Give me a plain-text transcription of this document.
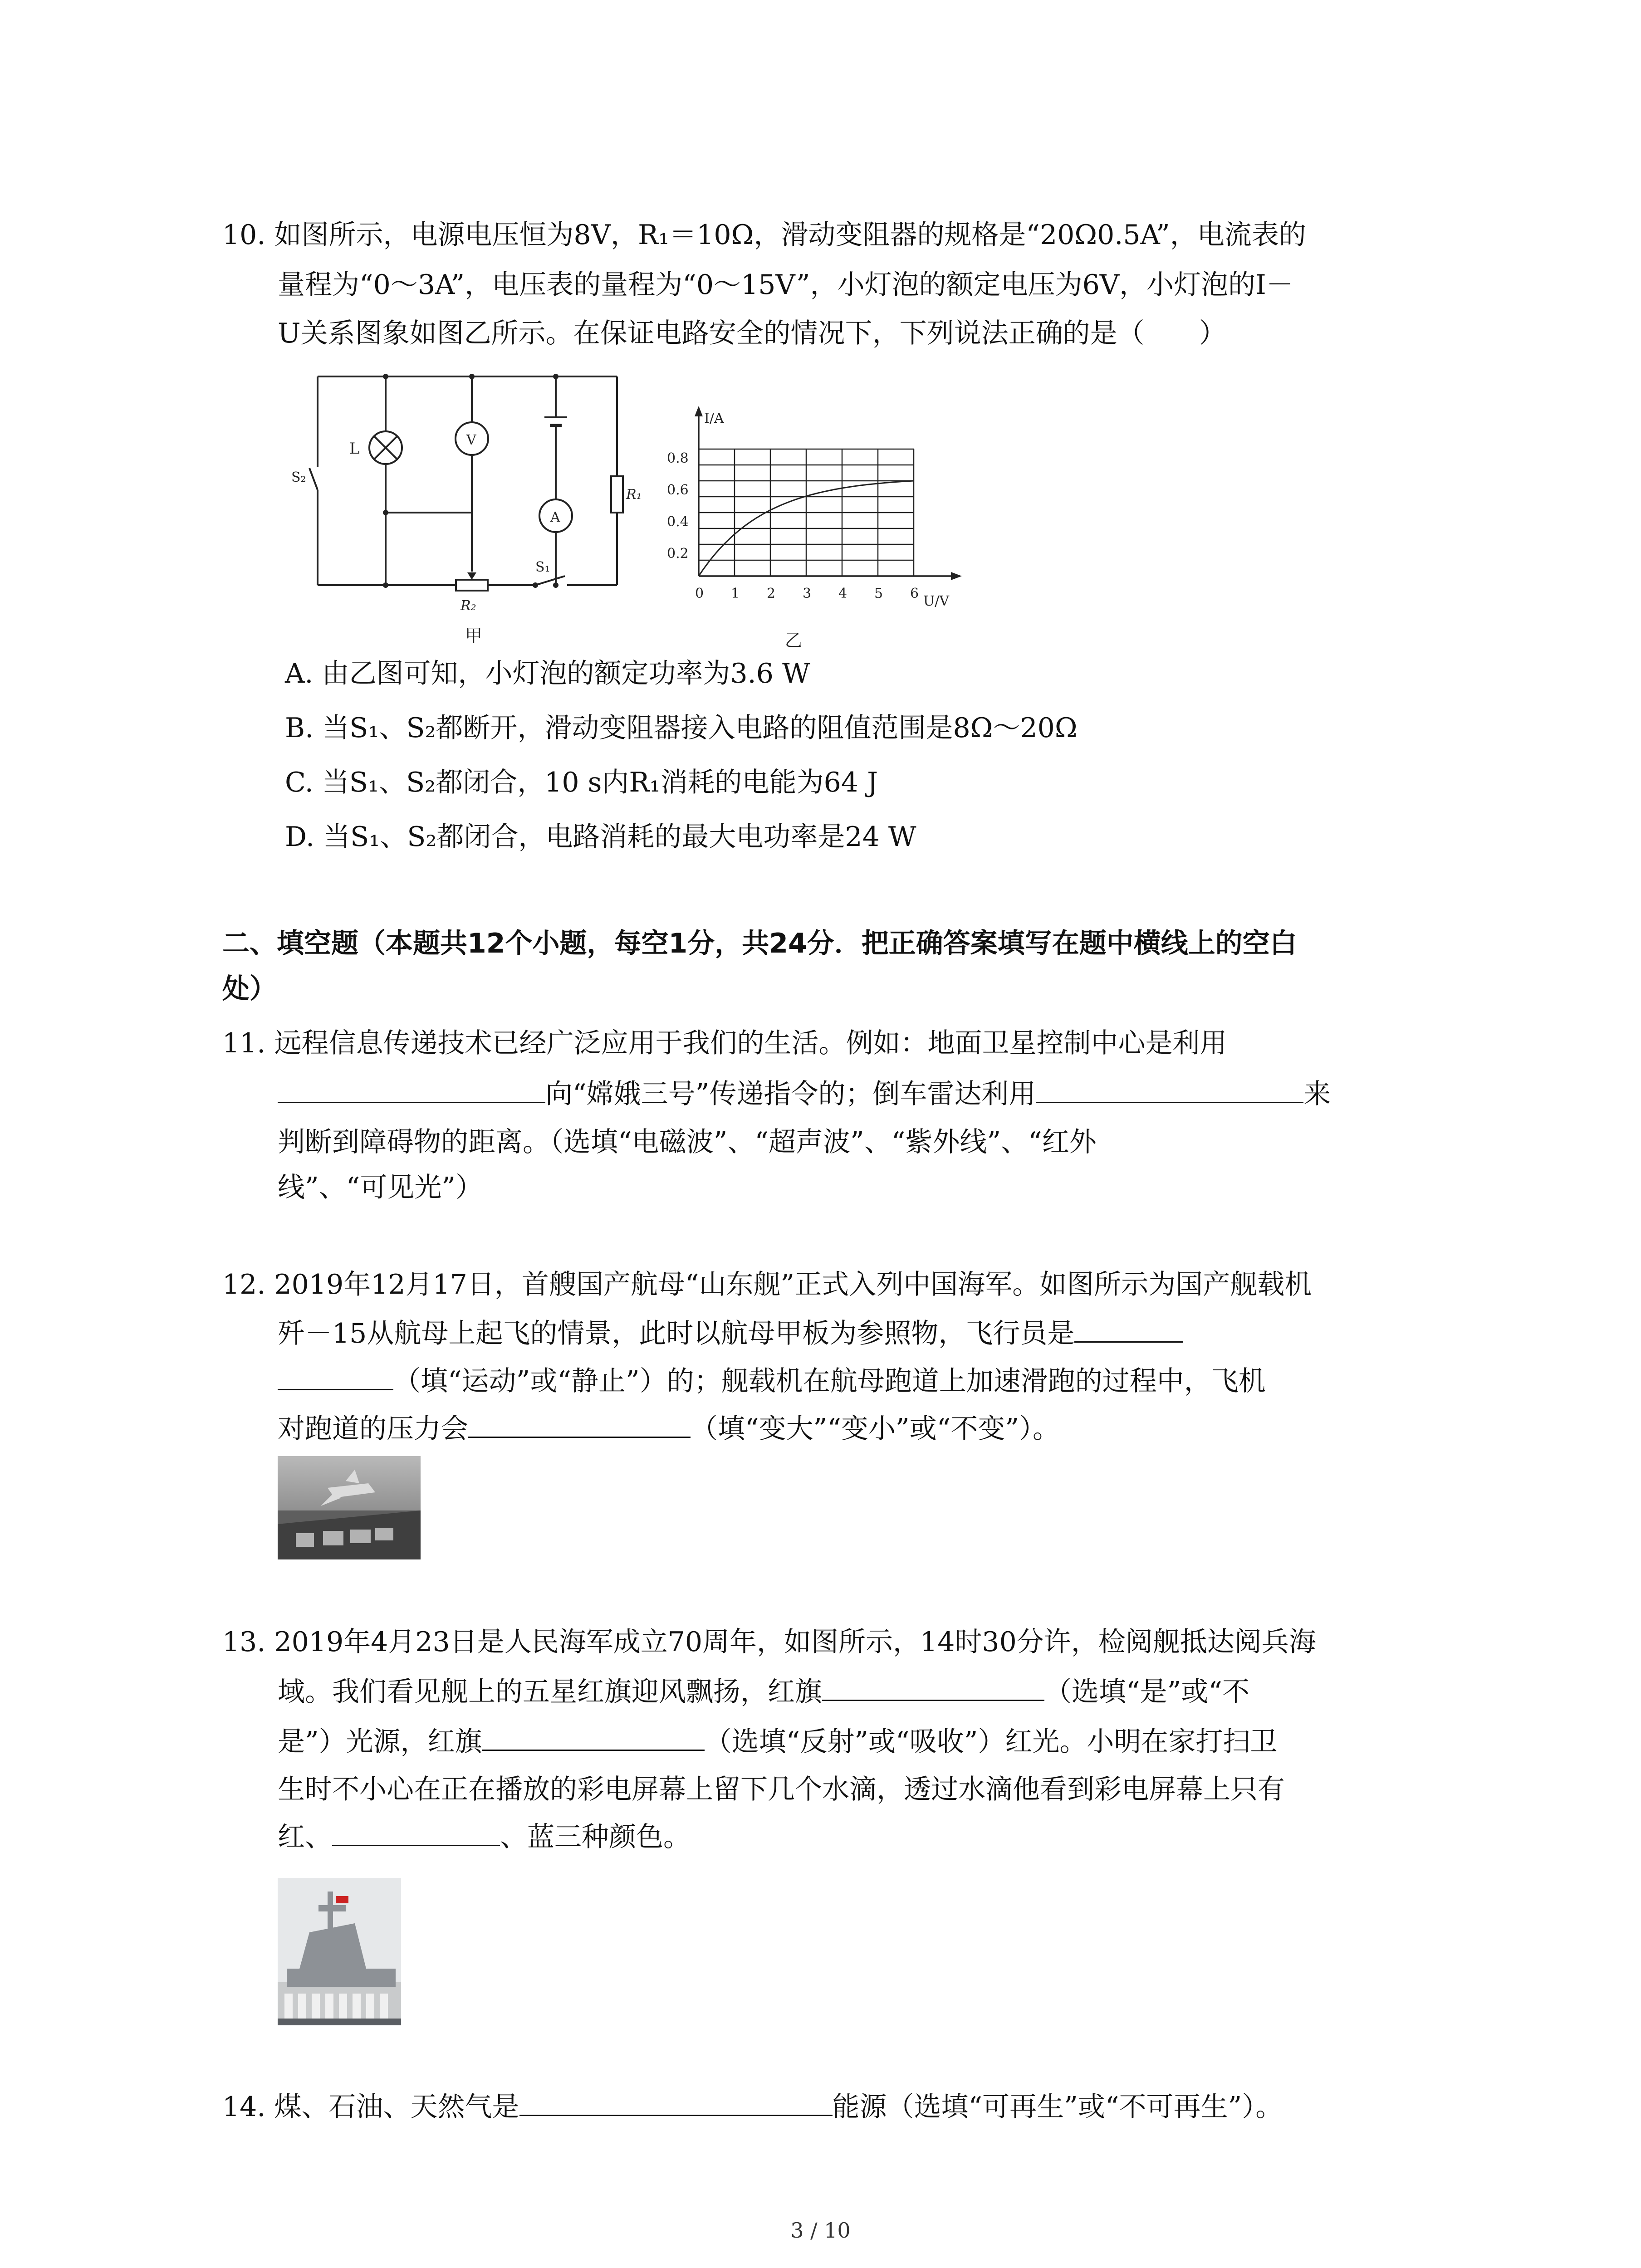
10. 如图所示，电源电压恒为8V，R₁＝10Ω，滑动变阻器的规格是“20Ω0.5A”，电流表的
量程为“0～3A”，电压表的量程为“0～15V”，小灯泡的额定电压为6V，小灯泡的I－
U关系图象如图乙所示。在保证电路安全的情况下，下列说法正确的是（　　）
L	V
A
S₂
S₁
R₁
R₂
甲
I/A
U/V
0.8
0.6
0.4
0.2
0 1 2 3 4 5 6
乙
A. 由乙图可知，小灯泡的额定功率为3.6 W
B. 当S₁、S₂都断开，滑动变阻器接入电路的阻值范围是8Ω～20Ω
C. 当S₁、S₂都闭合，10 s内R₁消耗的电能为64 J
D. 当S₁、S₂都闭合，电路消耗的最大电功率是24 W
二、填空题（本题共12个小题，每空1分，共24分．把正确答案填写在题中横线上的空白
处）
11. 远程信息传递技术已经广泛应用于我们的生活。例如：地面卫星控制中心是利用
向“嫦娥三号”传递指令的；倒车雷达利用	来
判断到障碍物的距离。（选填“电磁波”、“超声波”、“紫外线”、“红外
线”、“可见光”）
12. 2019年12月17日，首艘国产航母“山东舰”正式入列中国海军。如图所示为国产舰载机
歼－15从航母上起飞的情景，此时以航母甲板为参照物，飞行员是
（填“运动”或“静止”）的；舰载机在航母跑道上加速滑跑的过程中，飞机
对跑道的压力会	（填“变大”“变小”或“不变”）。
13. 2019年4月23日是人民海军成立70周年，如图所示，14时30分许，检阅舰抵达阅兵海
域。我们看见舰上的五星红旗迎风飘扬，红旗	（选填“是”或“不
是”）光源，红旗	（选填“反射”或“吸收”）红光。小明在家打扫卫
生时不小心在正在播放的彩电屏幕上留下几个水滴，透过水滴他看到彩电屏幕上只有
红、	、蓝三种颜色。
14. 煤、石油、天然气是	能源（选填“可再生”或“不可再生”）。
3 / 10
